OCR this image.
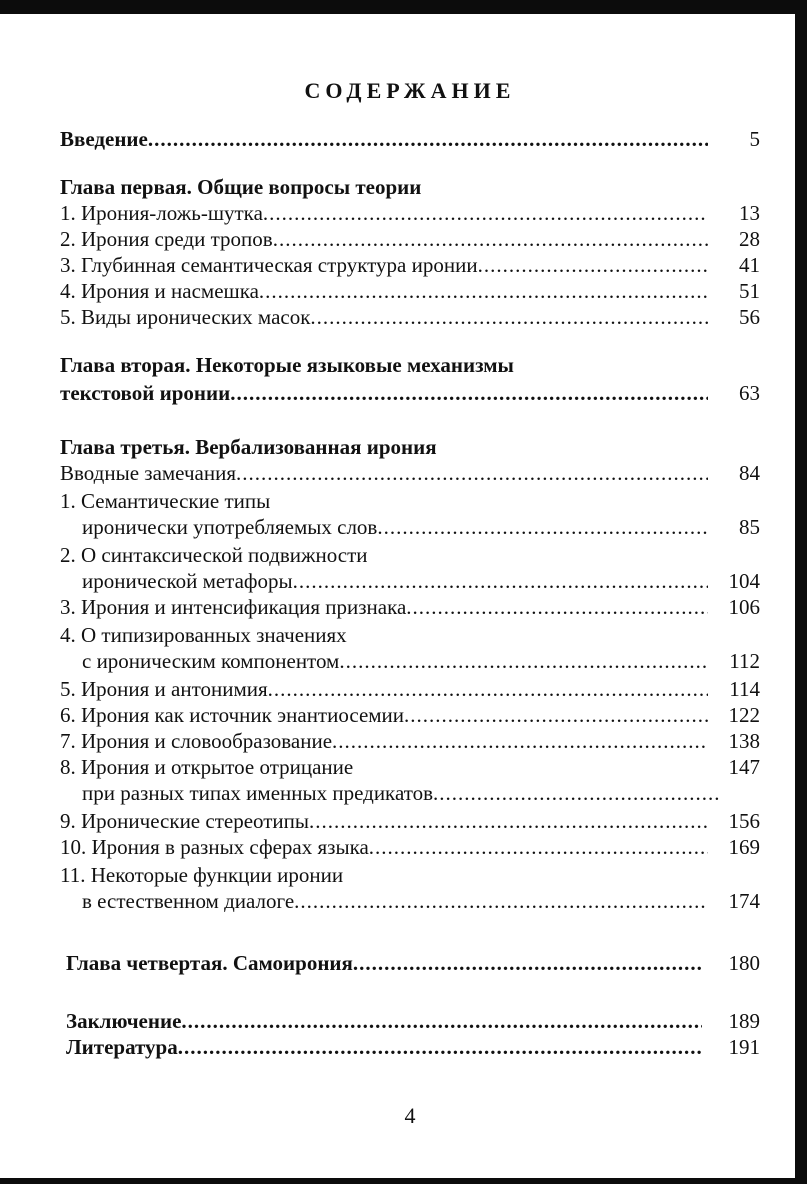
СОДЕРЖАНИЕ
Введение .....	5
Глава первая. Общие вопросы теории
1. Ирония-ложь-шутка .....	13
2. Ирония среди тропов .....	28
3. Глубинная семантическая структура иронии .....	41
4. Ирония и насмешка .....	51
5. Виды иронических масок .....	56
Глава вторая. Некоторые языковые механизмы
текстовой иронии .....	63
Глава третья. Вербализованная ирония
Вводные замечания .....	84
1. Семантические типы
иронически употребляемых слов .....	85
2. О синтаксической подвижности
иронической метафоры .....	104
3. Ирония и интенсификация признака .....	106
4. О типизированных значениях
с ироническим компонентом .....	112
5. Ирония и антонимия .....	114
6. Ирония как источник энантиосемии .....	122
7. Ирония и словообразование .....	138
8. Ирония и открытое отрицание	147
при разных типах именных предикатов
.....
9. Иронические стереотипы .....	156
10. Ирония в разных сферах языка .....	169
11. Некоторые функции иронии
в естественном диалоге .....	174
Глава четвертая. Самоирония .....	180
Заключение .....	189
Литература .....	191
4
